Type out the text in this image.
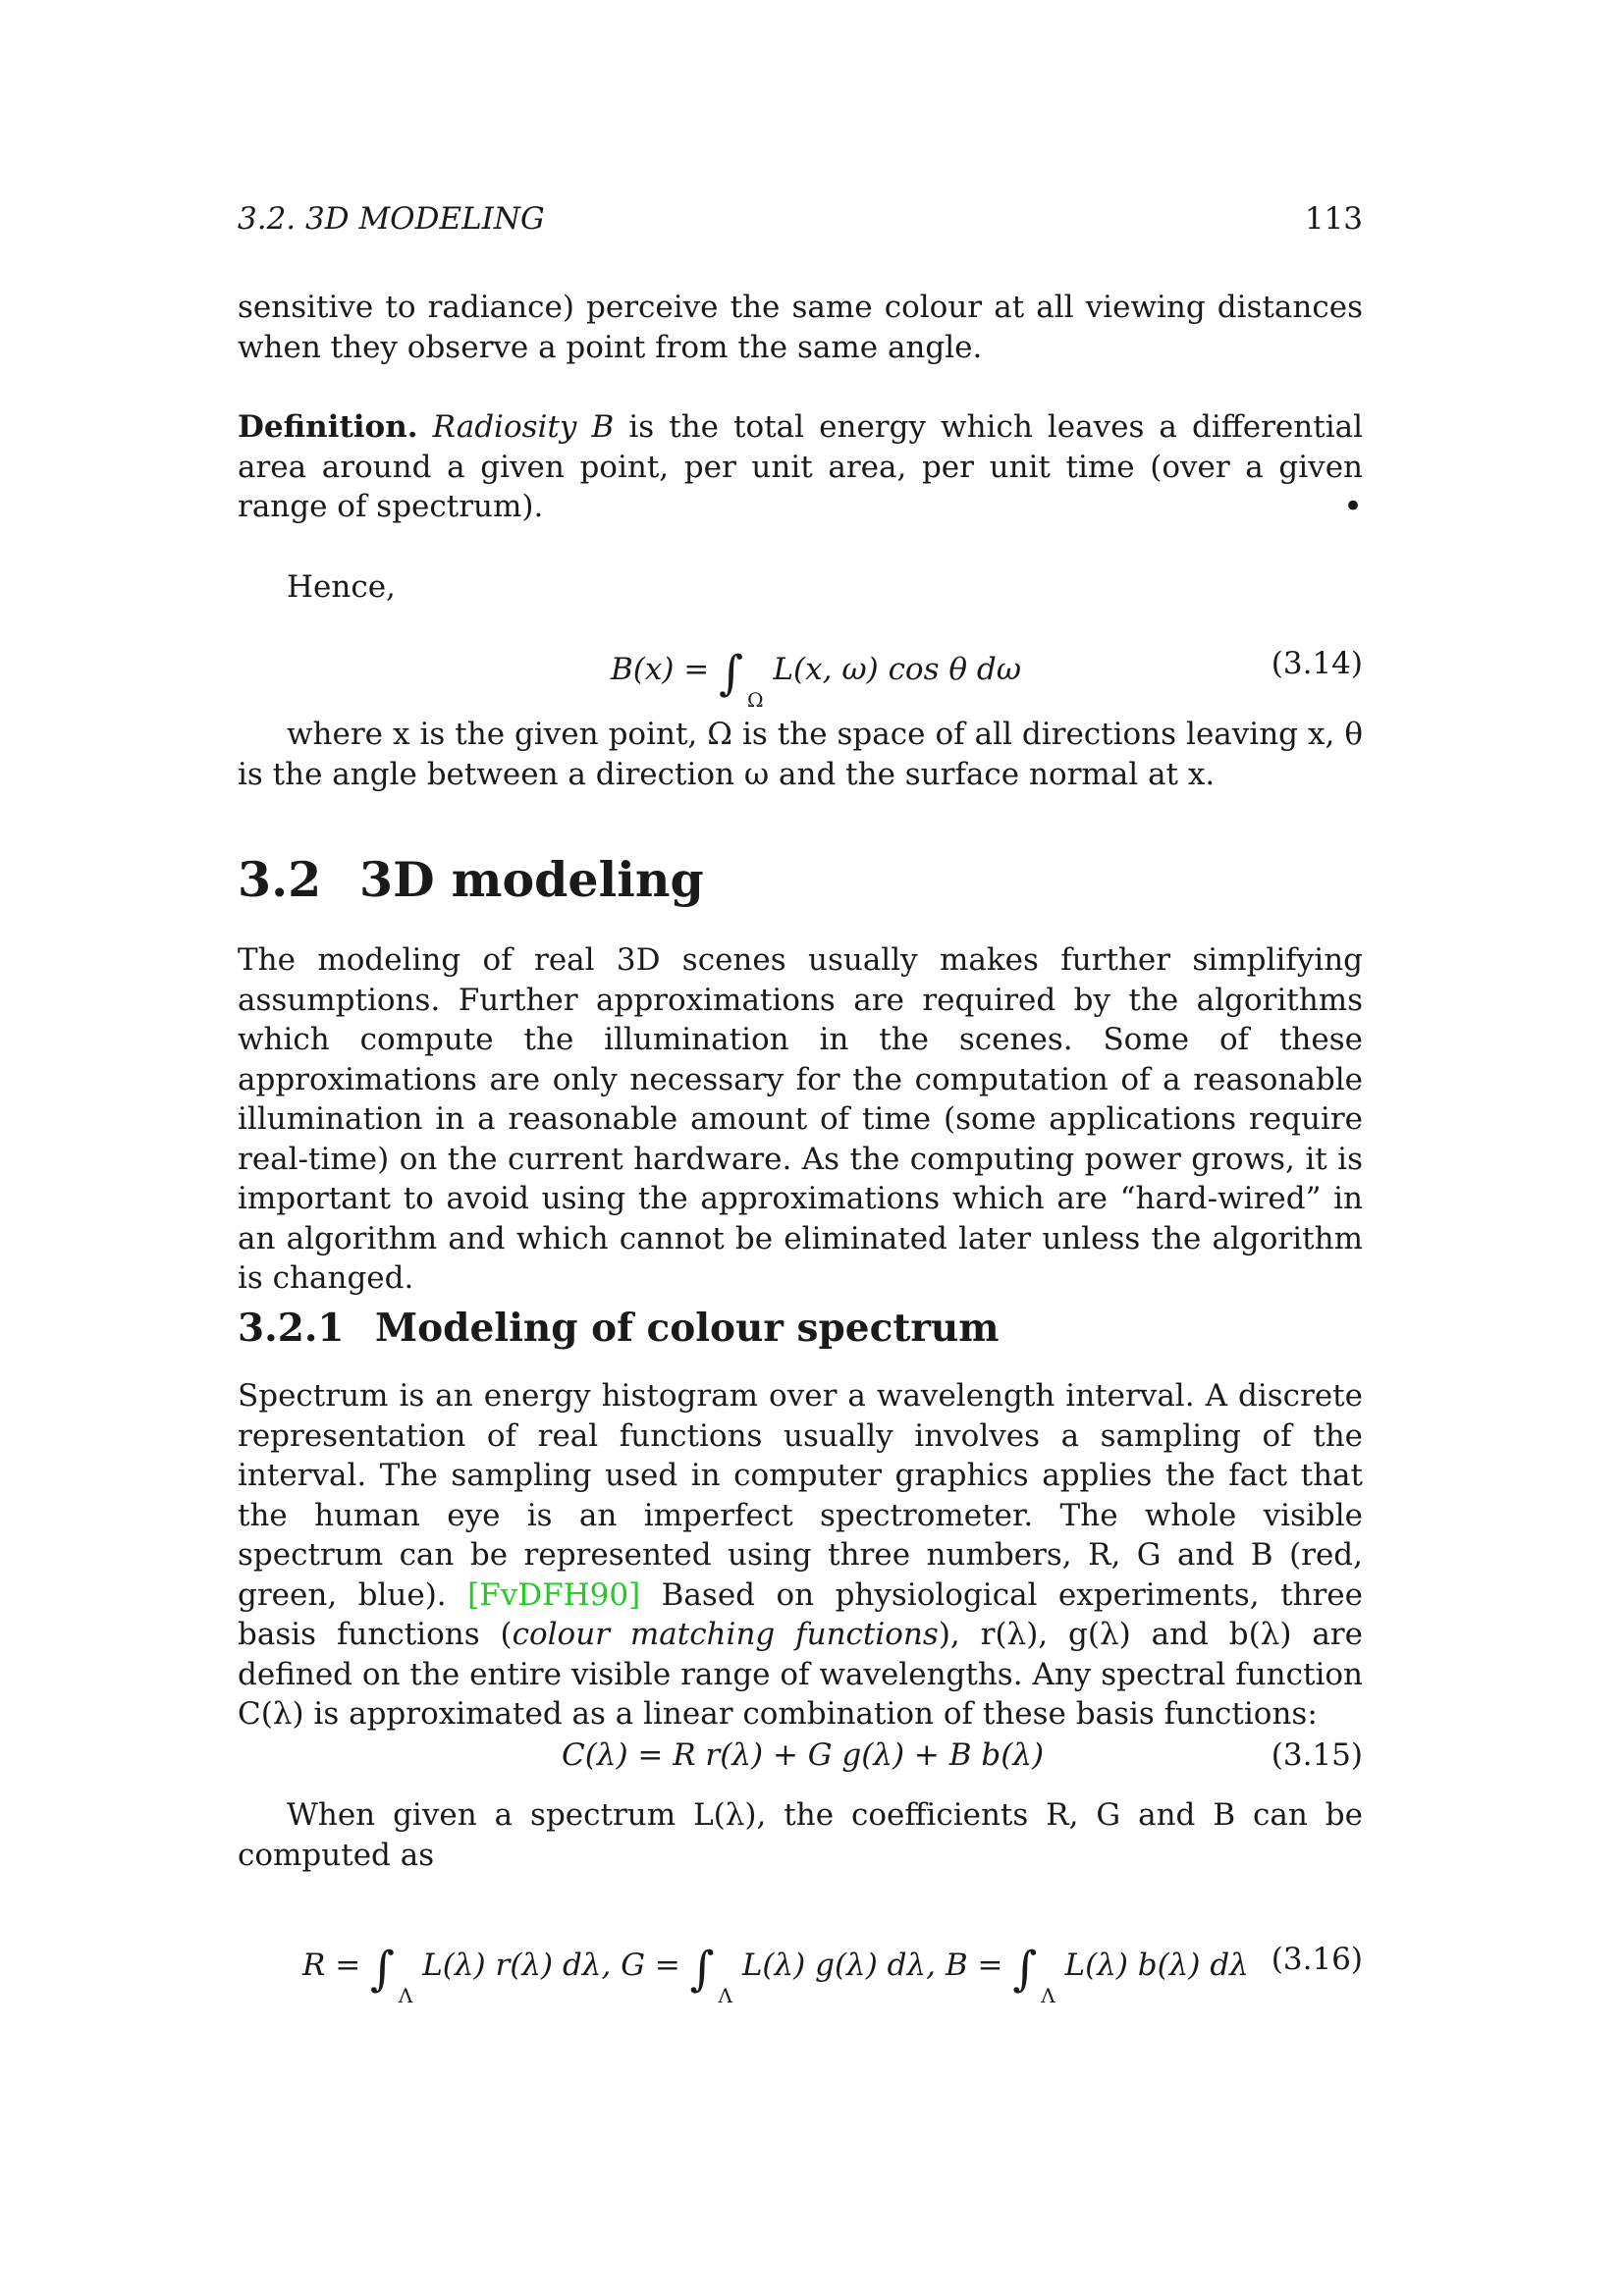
3.2. 3D MODELING	113
sensitive to radiance) perceive the same colour at all viewing distances when they observe a point from the same angle.
Definition. Radiosity B is the total energy which leaves a differential area around a given point, per unit area, per unit time (over a given range of spectrum).	•
Hence,
B(x) = ∫ $_\Omega$ L(x, ω) cos θ dω	(3.14)
where x is the given point, Ω is the space of all directions leaving x, θ is the angle between a direction ω and the surface normal at x.
3.2 3D modeling
The modeling of real 3D scenes usually makes further simplifying assumptions. Further approximations are required by the algorithms which compute the illumination in the scenes. Some of these approximations are only necessary for the computation of a reasonable illumination in a reasonable amount of time (some applications require real-time) on the current hardware. As the computing power grows, it is important to avoid using the approximations which are “hard-wired” in an algorithm and which cannot be eliminated later unless the algorithm is changed.
3.2.1 Modeling of colour spectrum
Spectrum is an energy histogram over a wavelength interval. A discrete representation of real functions usually involves a sampling of the interval. The sampling used in computer graphics applies the fact that the human eye is an imperfect spectrometer. The whole visible spectrum can be represented using three numbers, R, G and B (red, green, blue). [FvDFH90] Based on physiological experiments, three basis functions (colour matching functions), r(λ), g(λ) and b(λ) are defined on the entire visible range of wavelengths. Any spectral function C(λ) is approximated as a linear combination of these basis functions:
C(λ) = R r(λ) + G g(λ) + B b(λ)	(3.15)
When given a spectrum L(λ), the coefficients R, G and B can be computed as
R = ∫ $_\Lambda$ L(λ) r(λ) dλ, G = ∫ $_\Lambda$ L(λ) g(λ) dλ, B = ∫ $_\Lambda$ L(λ) b(λ) dλ (3.16)
